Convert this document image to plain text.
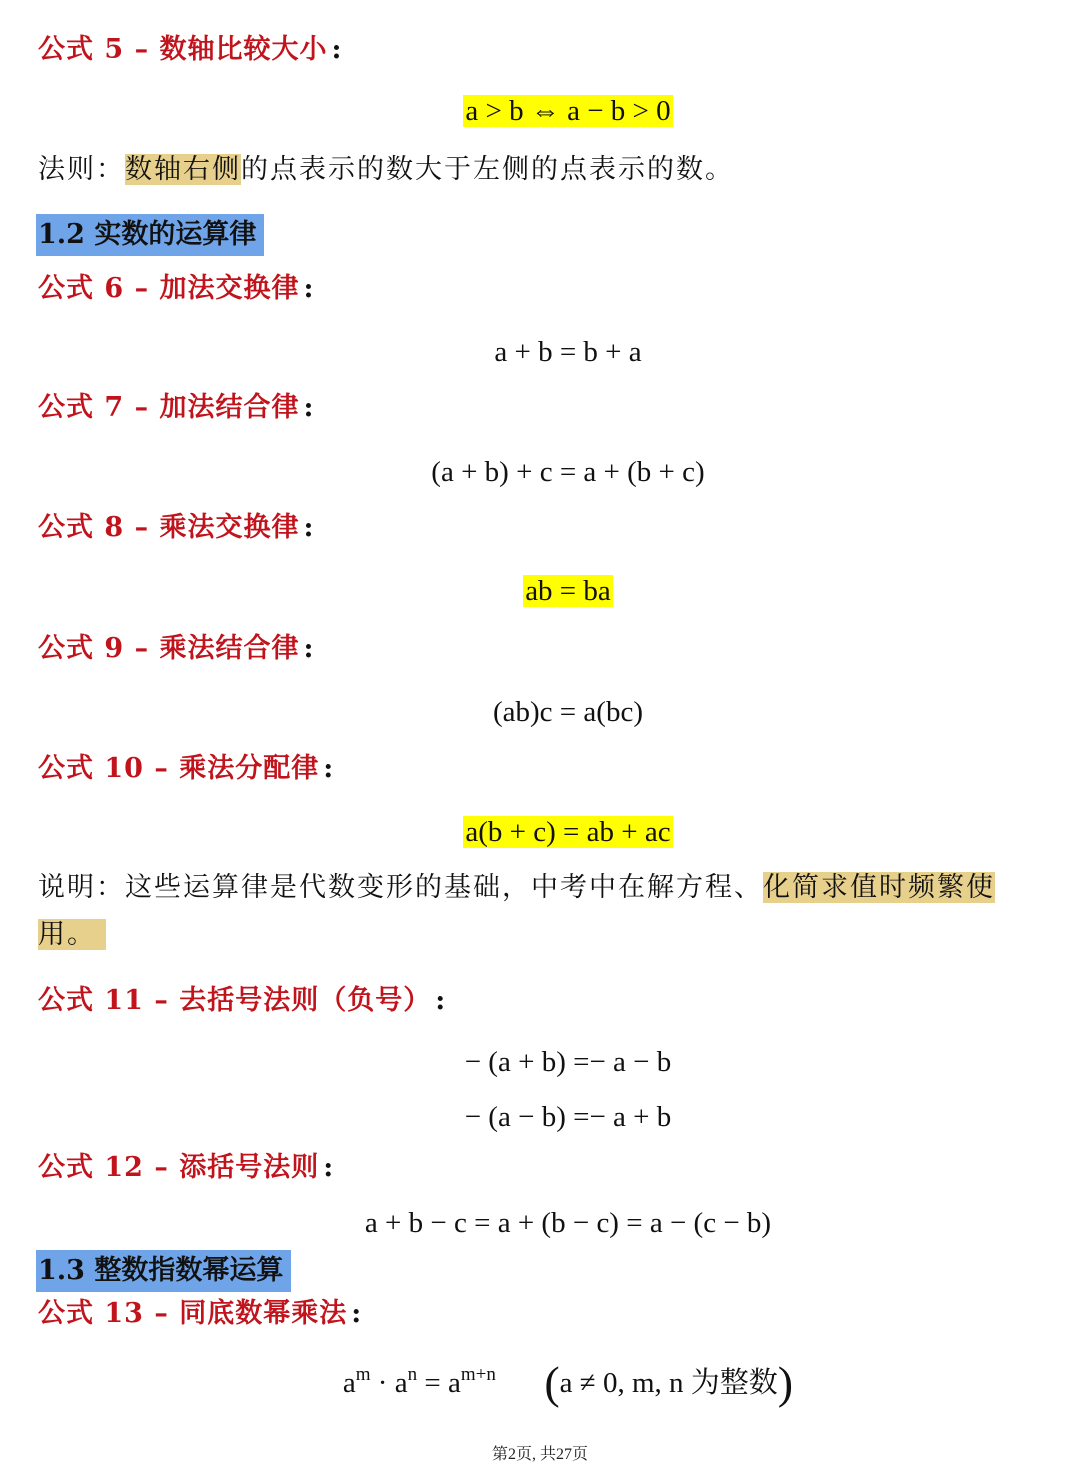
公式 5 – 数轴比较大小 :
a > b ⇔ a − b > 0
法则：数轴右侧的点表示的数大于左侧的点表示的数。
1.2 实数的运算律
公式 6 – 加法交换律 :
a + b = b + a
公式 7 – 加法结合律 :
(a + b) + c = a + (b + c)
公式 8 – 乘法交换律 :
ab = ba
公式 9 – 乘法结合律 :
(ab)c = a(bc)
公式 10 – 乘法分配律 :
a(b + c) = ab + ac
说明：这些运算律是代数变形的基础，中考中在解方程、化简求值时频繁使
用。
公式 11 – 去括号法则（负号） :
− (a + b) =− a − b
− (a − b) =− a + b
公式 12 – 添括号法则 :
a + b − c = a + (b − c) = a − (c − b)
1.3 整数指数幂运算
公式 13 – 同底数幂乘法 :
$a^m \cdot a^n = a^{m+n}$ (a ≠ 0, m, n 为整数)
第2页, 共27页
